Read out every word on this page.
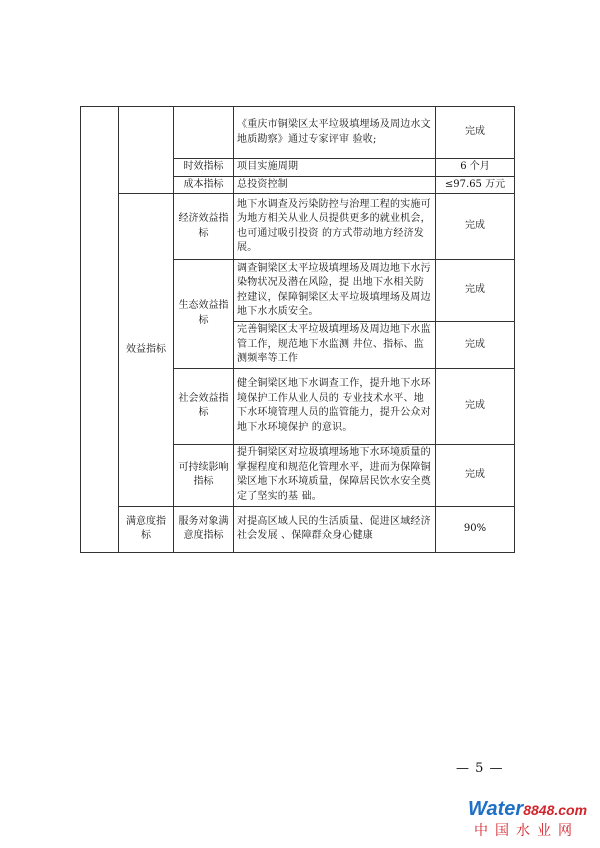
			《重庆市铜梁区太平垃圾填埋场及周边水文地质勘察》通过专家评审 验收;	完成
		时效指标	项目实施周期	6 个月
		成本指标	总投资控制	≤97.65 万元
	效益指标	经济效益指标	地下水调查及污染防控与治理工程的实施可为地方相关从业人员提供更多的就业机会，也可通过吸引投资 的方式带动地方经济发展。	完成
		生态效益指标	调查铜梁区太平垃圾填埋场及周边地下水污染物状况及潜在风险，提 出地下水相关防控建议，保障铜梁区太平垃圾填埋场及周边地下水水质安全。	完成
			完善铜梁区太平垃圾填埋场及周边地下水监管工作，规范地下水监测 井位、指标、监测频率等工作	完成
		社会效益指标	健全铜梁区地下水调查工作，提升地下水环境保护工作从业人员的 专业技术水平、地下水环境管理人员的监管能力，提升公众对地下水环境保护 的意识。	完成
		可持续影响指标	提升铜梁区对垃圾填埋场地下水环境质量的掌握程度和规范化管理水平，进而为保障铜梁区地下水环境质量，保障居民饮水安全奠定了坚实的基 础。	完成
	满意度指标	服务对象满意度指标	对提高区域人民的生活质量、促进区域经济社会发展 、保障群众身心健康	90%
— 5 —
Water8848.com
中国水业网
